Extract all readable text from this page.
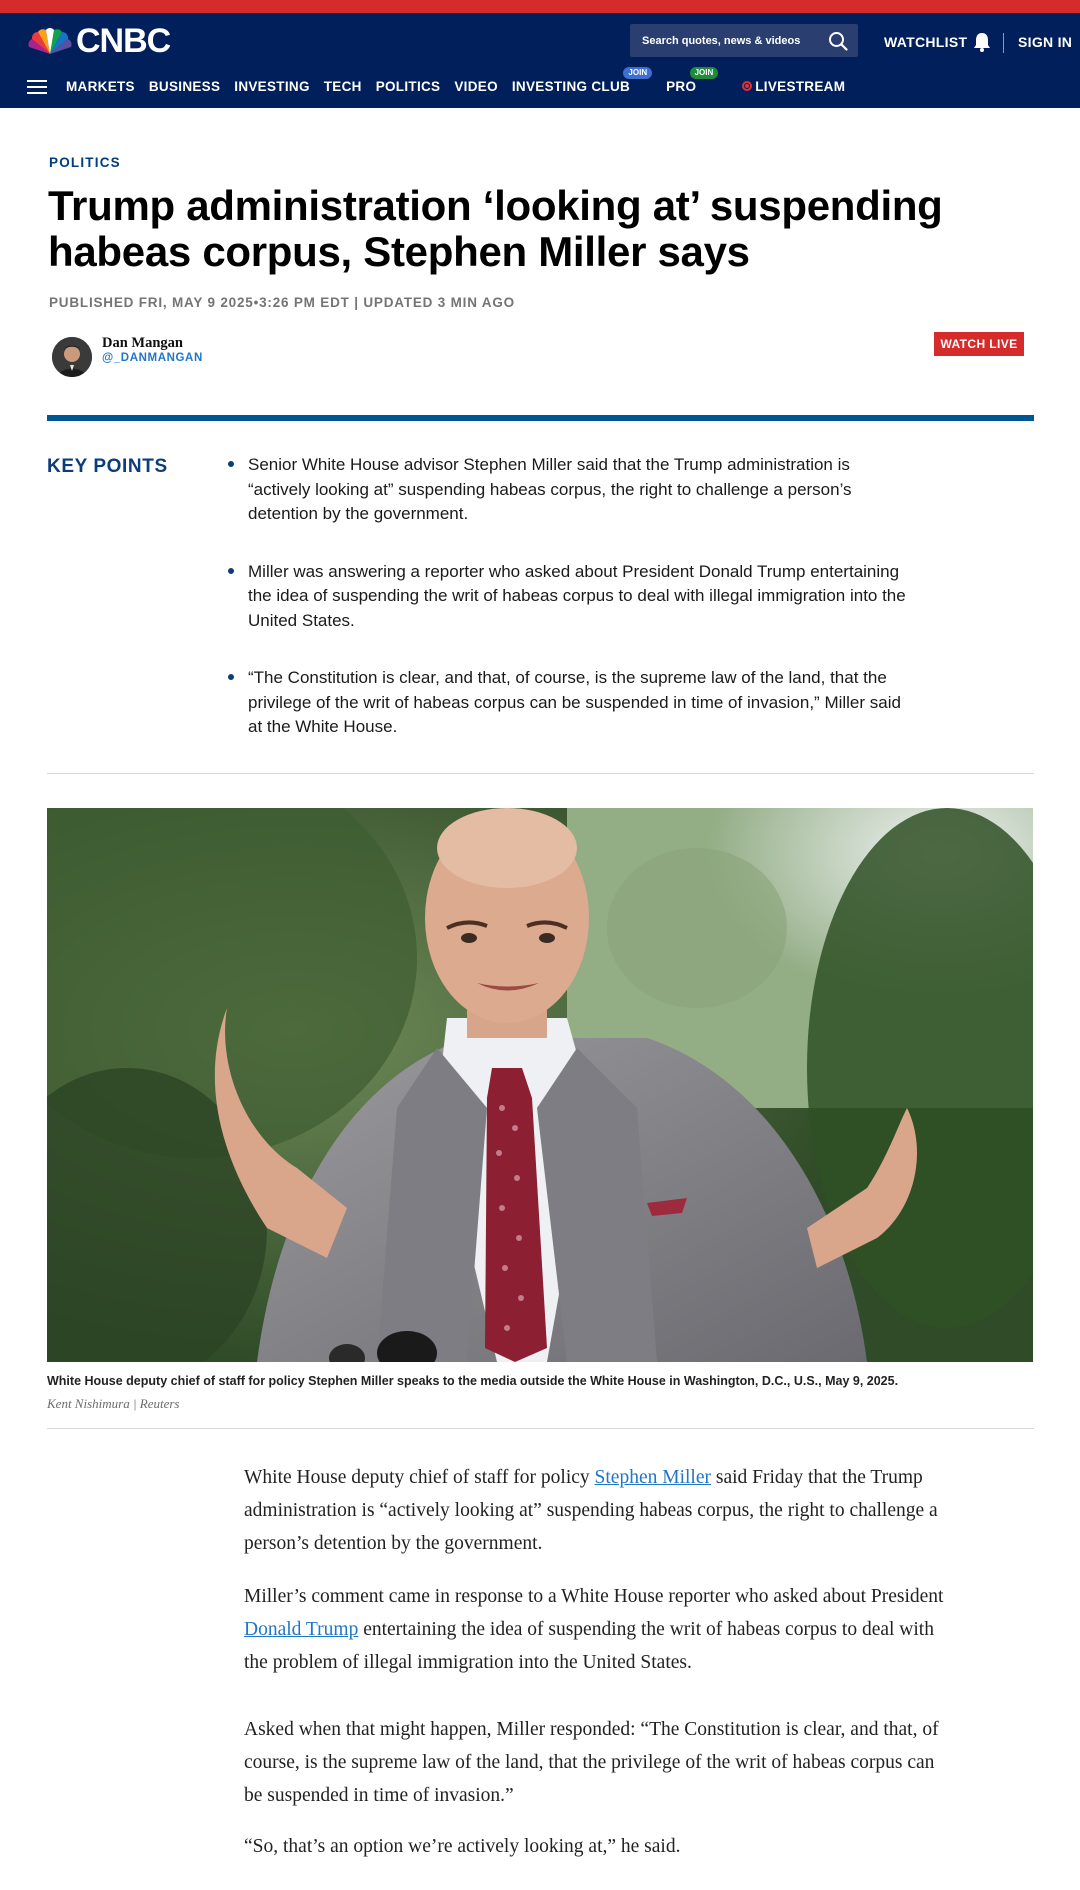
CNBC
Search quotes, news & videos	WATCHLIST	SIGN IN
MARKETS BUSINESS INVESTING TECH POLITICS VIDEO INVESTING CLUB
JOIN
PRO
JOIN
LIVESTREAM
POLITICS
Trump administration ‘looking at’ suspending habeas corpus, Stephen Miller says
PUBLISHED FRI, MAY 9 2025•3:26 PM EDT | UPDATED 3 MIN AGO
Dan Mangan
@_DANMANGAN
WATCH LIVE
KEY POINTS	Senior White House advisor Stephen Miller said that the Trump administration is “actively looking at” suspending habeas corpus, the right to challenge a person’s detention by the government.
Miller was answering a reporter who asked about President Donald Trump entertaining the idea of suspending the writ of habeas corpus to deal with illegal immigration into the United States.
“The Constitution is clear, and that, of course, is the supreme law of the land, that the privilege of the writ of habeas corpus can be suspended in time of invasion,” Miller said at the White House.
White House deputy chief of staff for policy Stephen Miller speaks to the media outside the White House in Washington, D.C., U.S., May 9, 2025.
Kent Nishimura | Reuters

White House deputy chief of staff for policy Stephen Miller said Friday that the Trump administration is “actively looking at” suspending habeas corpus, the right to challenge a person’s detention by the government.

Miller’s comment came in response to a White House reporter who asked about President Donald Trump entertaining the idea of suspending the writ of habeas corpus to deal with the problem of illegal immigration into the United States.

Asked when that might happen, Miller responded: “The Constitution is clear, and that, of course, is the supreme law of the land, that the privilege of the writ of habeas corpus can be suspended in time of invasion.”

“So, that’s an option we’re actively looking at,” he said.
